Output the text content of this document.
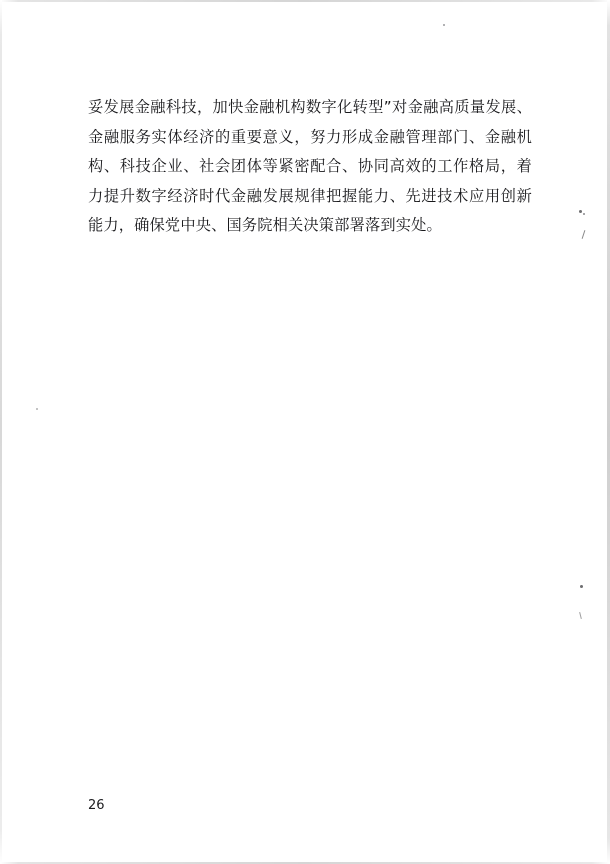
妥发展金融科技，加快金融机构数字化转型”对金融高质量发展、金融服务实体经济的重要意义，努力形成金融管理部门、金融机构、科技企业、社会团体等紧密配合、协同高效的工作格局，着力提升数字经济时代金融发展规律把握能力、先进技术应用创新能力，确保党中央、国务院相关决策部署落到实处。

26
